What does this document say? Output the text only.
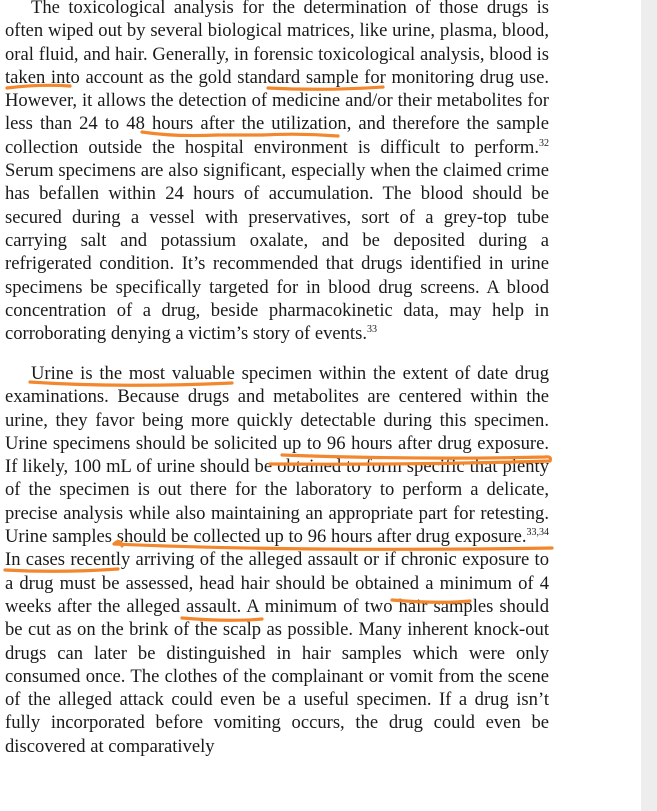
The toxicological analysis for the determination of those drugs is often wiped out by several biological matrices, like urine, plasma, blood, oral fluid, and hair. Generally, in forensic toxicological analysis, blood is taken into account as the gold standard sample for monitoring drug use. However, it allows the detection of medicine and/or their metabolites for less than 24 to 48 hours after the utilization, and therefore the sample collection outside the hospital environment is difficult to perform.$^{32}$ Serum specimens are also significant, especially when the claimed crime has befallen within 24 hours of accumulation. The blood should be secured during a vessel with preservatives, sort of a grey-top tube carrying salt and potassium oxalate, and be deposited during a refrigerated condition. It’s recommended that drugs identified in urine specimens be specifically targeted for in blood drug screens. A blood concentration of a drug, beside pharmacokinetic data, may help in corroborating denying a victim’s story of events.$^{33}$

Urine is the most valuable specimen within the extent of date drug examinations. Because drugs and metabolites are centered within the urine, they favor being more quickly detectable during this specimen. Urine specimens should be solicited up to 96 hours after drug exposure. If likely, 100 mL of urine should be obtained to form specific that plenty of the specimen is out there for the laboratory to perform a delicate, precise analysis while also maintaining an appropriate part for retesting. Urine samples should be collected up to 96 hours after drug exposure.$^{33,34}$ In cases recently arriving of the alleged assault or if chronic exposure to a drug must be assessed, head hair should be obtained a minimum of 4 weeks after the alleged assault. A minimum of two hair samples should be cut as on the brink of the scalp as possible. Many inherent knock-out drugs can later be distinguished in hair samples which were only consumed once. The clothes of the complainant or vomit from the scene of the alleged attack could even be a useful specimen. If a drug isn’t fully incorporated before vomiting occurs, the drug could even be discovered at comparatively
